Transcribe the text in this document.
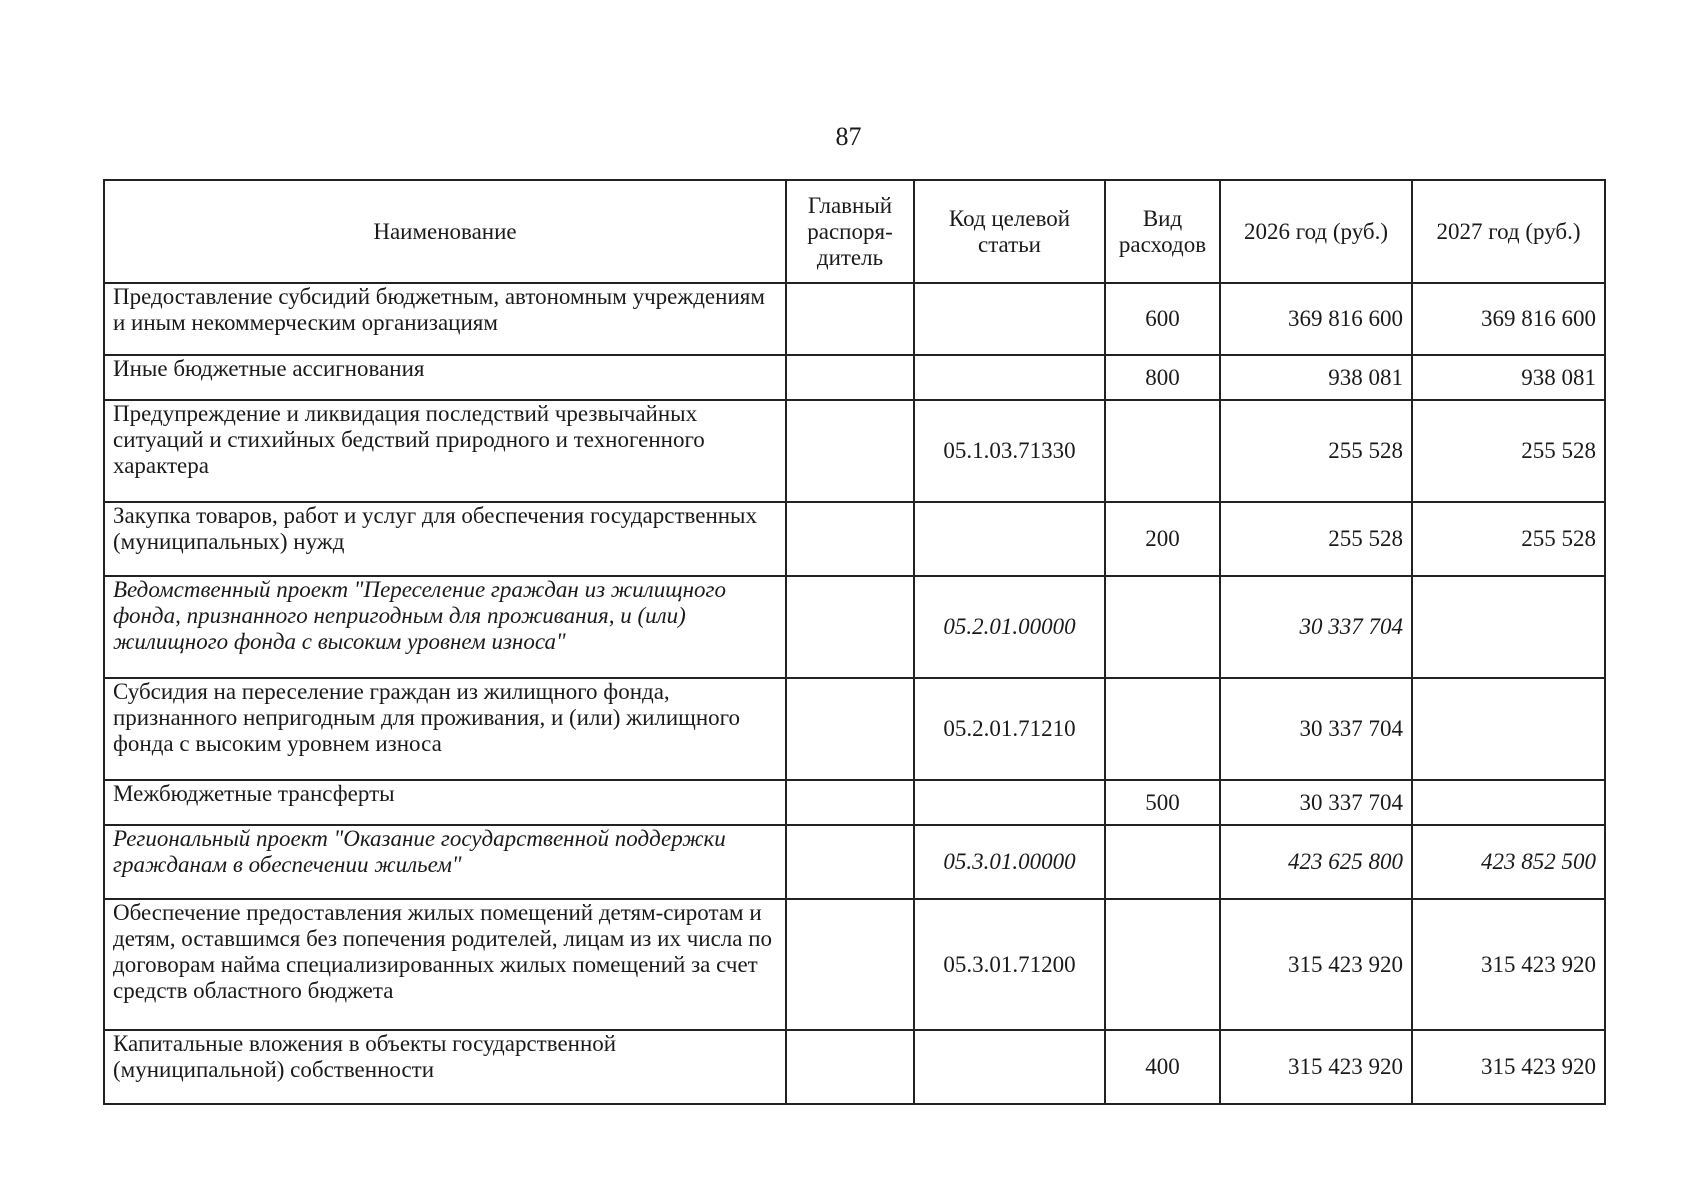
87
Наименование	Главный распоря-дитель	Код целевой статьи	Вид расходов	2026 год (руб.)	2027 год (руб.)
Предоставление субсидий бюджетным, автономным учреждениям и иным некоммерческим организациям			600	369 816 600	369 816 600
Иные бюджетные ассигнования			800	938 081	938 081
Предупреждение и ликвидация последствий чрезвычайных ситуаций и стихийных бедствий природного и техногенного характера		05.1.03.71330		255 528	255 528
Закупка товаров, работ и услуг для обеспечения государственных (муниципальных) нужд			200	255 528	255 528
Ведомственный проект "Переселение граждан из жилищного фонда, признанного непригодным для проживания, и (или) жилищного фонда с высоким уровнем износа"		05.2.01.00000		30 337 704	
Субсидия на переселение граждан из жилищного фонда, признанного непригодным для проживания, и (или) жилищного фонда с высоким уровнем износа		05.2.01.71210		30 337 704	
Межбюджетные трансферты			500	30 337 704	
Региональный проект "Оказание государственной поддержки гражданам в обеспечении жильем"		05.3.01.00000		423 625 800	423 852 500
Обеспечение предоставления жилых помещений детям-сиротам и детям, оставшимся без попечения родителей, лицам из их числа по договорам найма специализированных жилых помещений за счет средств областного бюджета		05.3.01.71200		315 423 920	315 423 920
Капитальные вложения в объекты государственной (муниципальной) собственности			400	315 423 920	315 423 920
